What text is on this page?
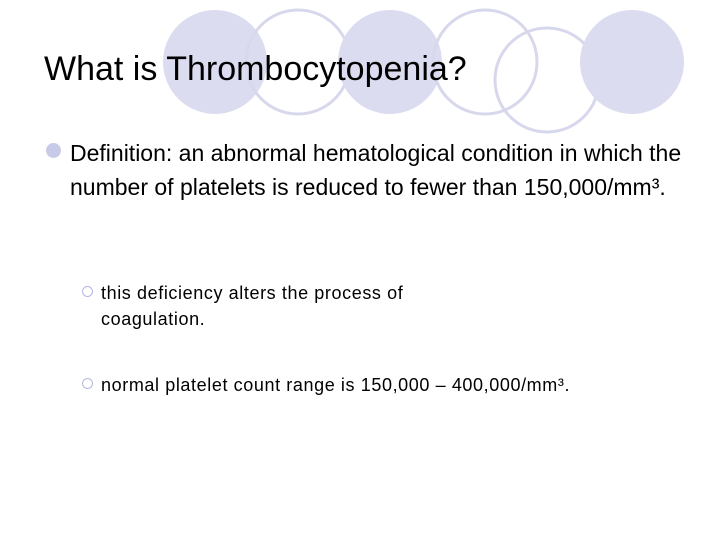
What is Thrombocytopenia?
Definition: an abnormal hematological condition in which the number of platelets is reduced to fewer than 150,000/mm³.
this deficiency alters the process of coagulation.
normal platelet count range is 150,000 – 400,000/mm³.
